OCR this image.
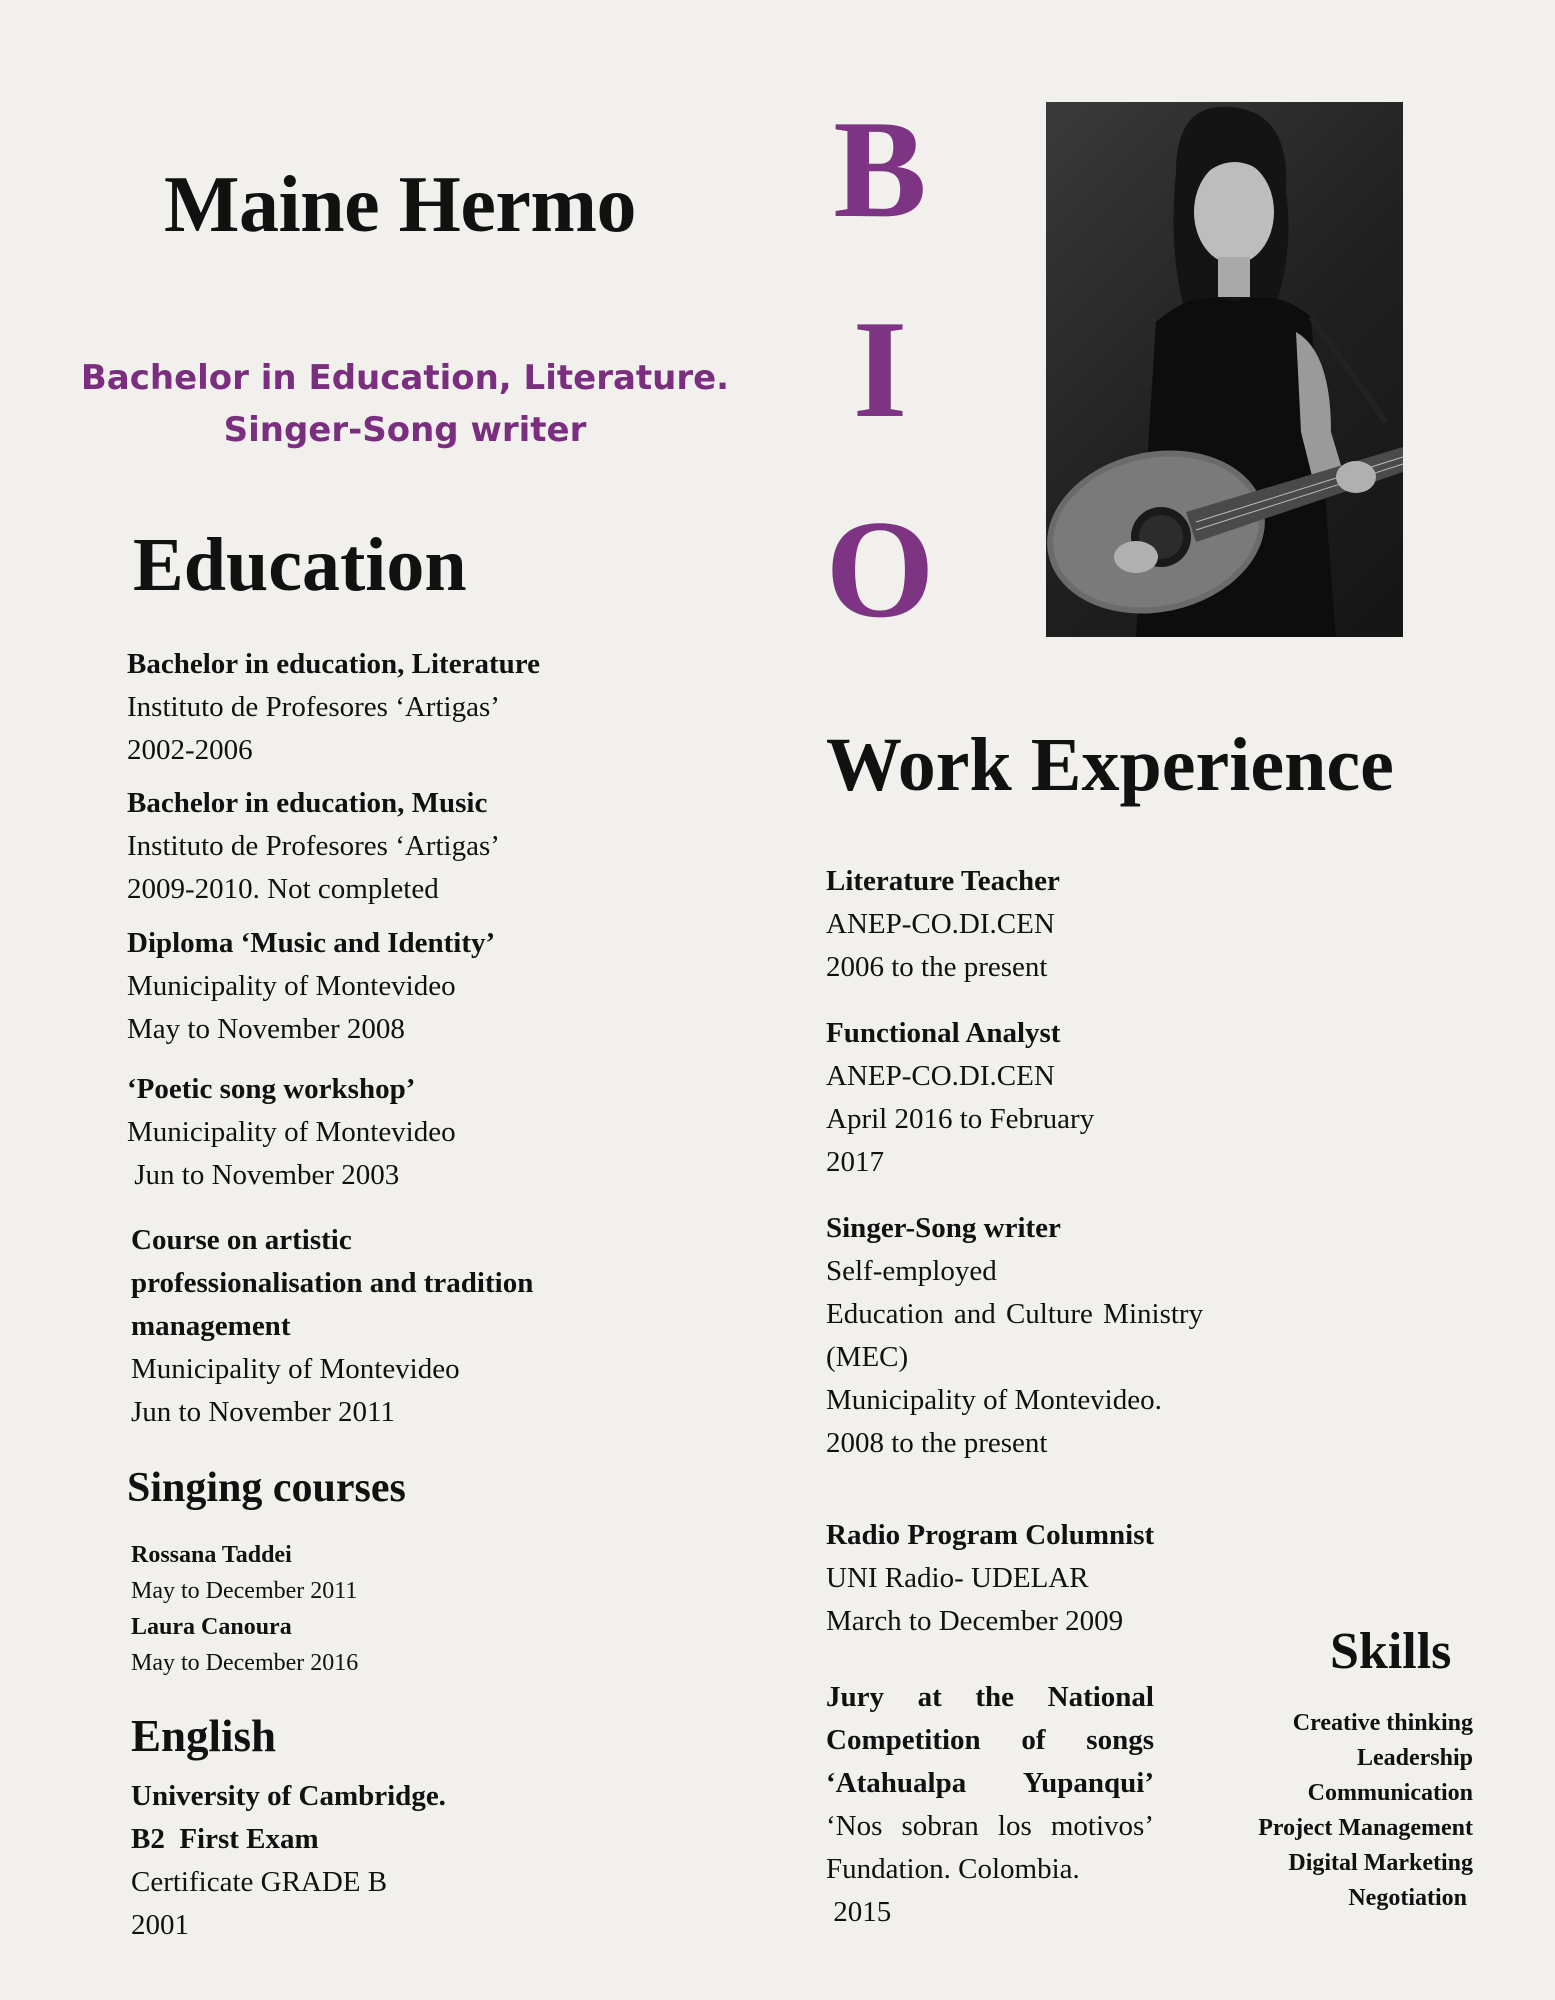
Maine Hermo
Bachelor in Education, Literature.
Singer-Song writer
B
I
O
Education
Bachelor in education, Literature
Instituto de Profesores ‘Artigas’
2002-2006
Bachelor in education, Music
Instituto de Profesores ‘Artigas’
2009-2010. Not completed
Diploma ‘Music and Identity’
Municipality of Montevideo
May to November 2008
‘Poetic song workshop’
Municipality of Montevideo
Jun to November 2003
Course on artistic
professionalisation and tradition
management
Municipality of Montevideo
Jun to November 2011
Singing courses
Rossana Taddei
May to December 2011
Laura Canoura
May to December 2016
English
University of Cambridge.
B2  First Exam
Certificate GRADE B
2001
Work Experience
Literature Teacher
ANEP-CO.DI.CEN
2006 to the present
Functional Analyst
ANEP-CO.DI.CEN
April 2016 to February
2017
Singer-Song writer
Self-employed
Education and Culture Ministry
(MEC)
Municipality of Montevideo.
2008 to the present
Radio Program Columnist
UNI Radio- UDELAR
March to December 2009
Jury at the National Competition of songs ‘Atahualpa Yupanqui’
‘Nos sobran los motivos’ Fundation. Colombia.
2015
Skills
Creative thinking
Leadership
Communication
Project Management
Digital Marketing
Negotiation
